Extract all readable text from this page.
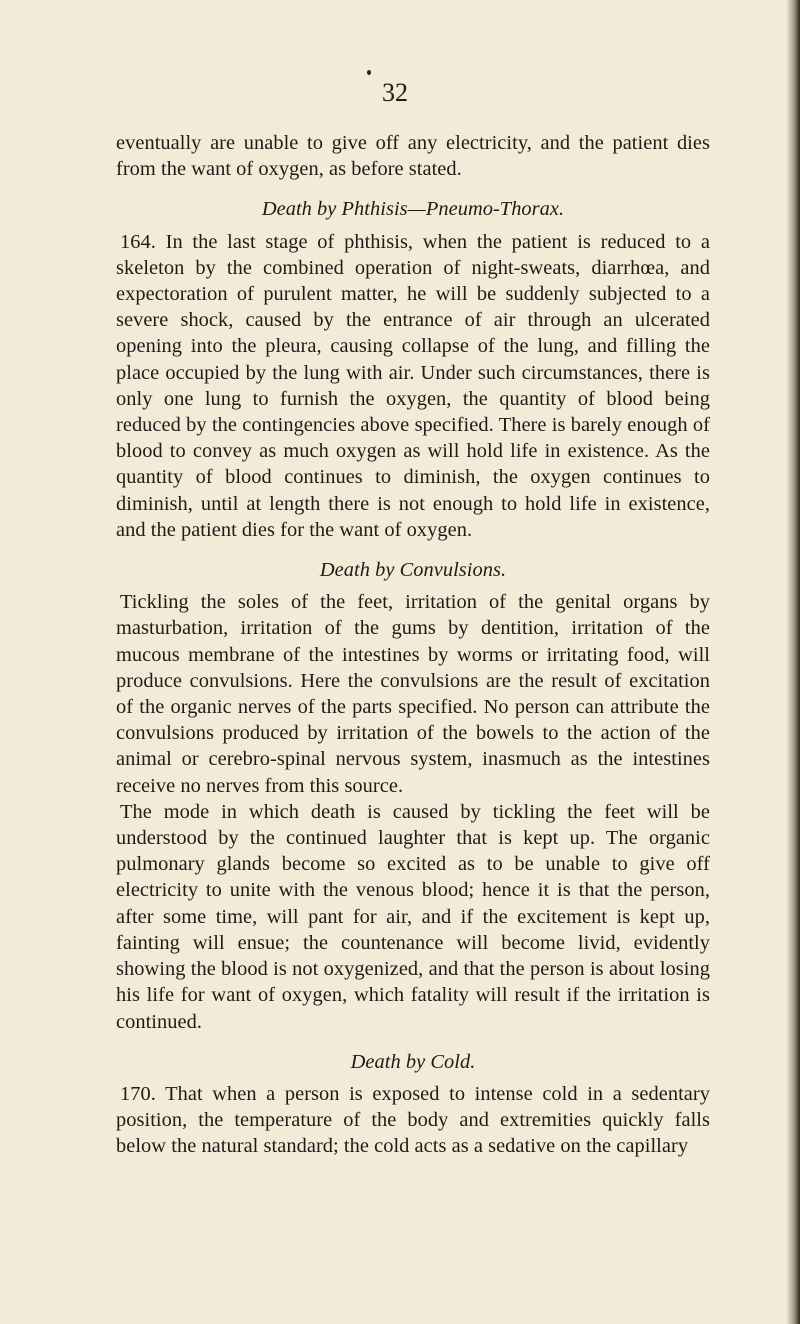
32

eventually are unable to give off any electricity, and the patient dies from the want of oxygen, as before stated.

Death by Phthisis—Pneumo-Thorax.

164. In the last stage of phthisis, when the patient is reduced to a skeleton by the combined operation of night-sweats, diarrhœa, and expectoration of purulent matter, he will be suddenly subjected to a severe shock, caused by the entrance of air through an ulcerated opening into the pleura, causing collapse of the lung, and filling the place occupied by the lung with air. Under such circumstances, there is only one lung to furnish the oxygen, the quantity of blood being reduced by the contingencies above specified. There is barely enough of blood to convey as much oxygen as will hold life in existence. As the quantity of blood continues to diminish, the oxygen continues to diminish, until at length there is not enough to hold life in existence, and the patient dies for the want of oxygen.

Death by Convulsions.

Tickling the soles of the feet, irritation of the genital organs by masturbation, irritation of the gums by dentition, irritation of the mucous membrane of the intestines by worms or irritating food, will produce convulsions. Here the convulsions are the result of excitation of the organic nerves of the parts specified. No person can attribute the convulsions produced by irritation of the bowels to the action of the animal or cerebro-spinal nervous system, inasmuch as the intestines receive no nerves from this source.

The mode in which death is caused by tickling the feet will be understood by the continued laughter that is kept up. The organic pulmonary glands become so excited as to be unable to give off electricity to unite with the venous blood; hence it is that the person, after some time, will pant for air, and if the excitement is kept up, fainting will ensue; the countenance will become livid, evidently showing the blood is not oxygenized, and that the person is about losing his life for want of oxygen, which fatality will result if the irritation is continued.

Death by Cold.

170. That when a person is exposed to intense cold in a sedentary position, the temperature of the body and extremities quickly falls below the natural standard; the cold acts as a sedative on the capillary
